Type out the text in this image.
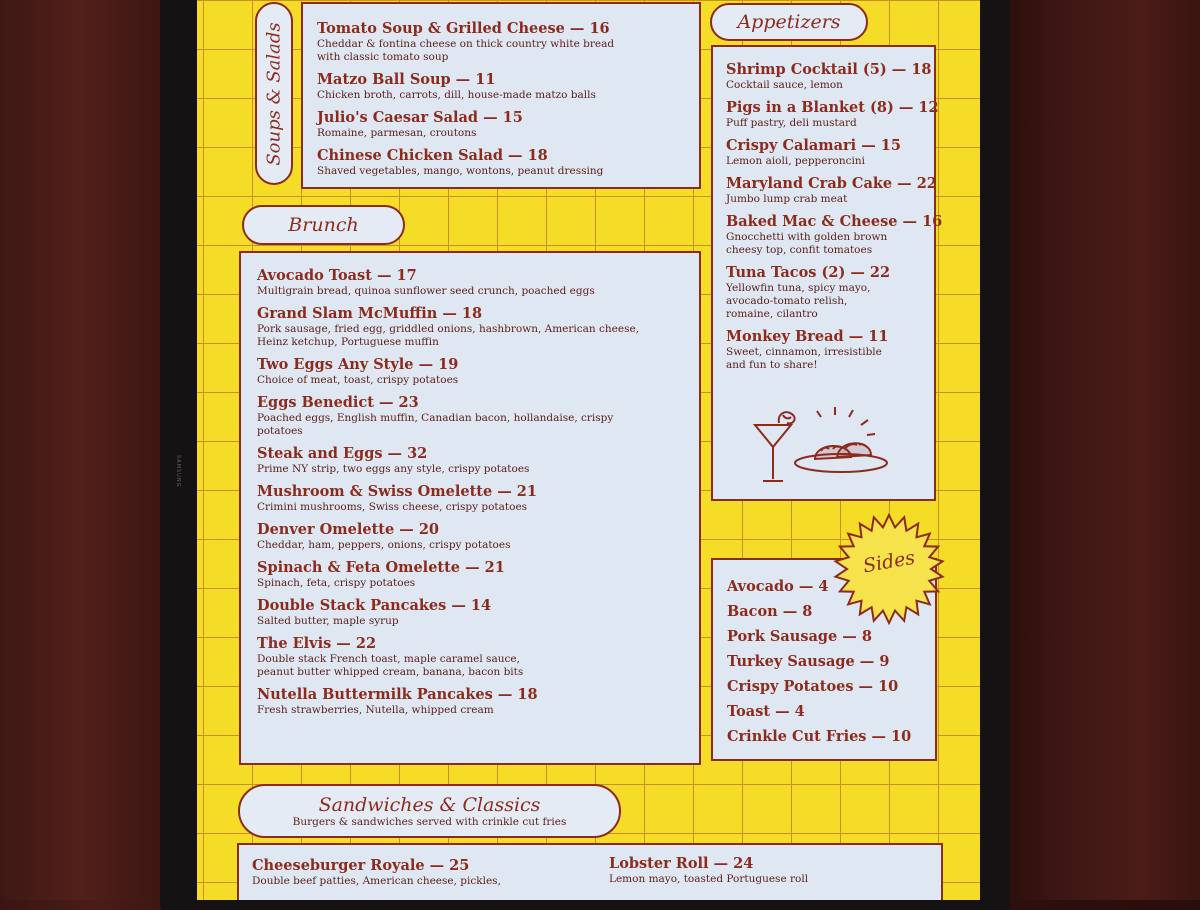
SAMSUNG
Soups & Salads Tomato Soup & Grilled Cheese — 16
Cheddar & fontina cheese on thick country white bread with classic tomato soup
Matzo Ball Soup — 11
Chicken broth, carrots, dill, house-made matzo balls
Julio's Caesar Salad — 15
Romaine, parmesan, croutons
Chinese Chicken Salad — 18
Shaved vegetables, mango, wontons, peanut dressing
Brunch
Avocado Toast — 17
Multigrain bread, quinoa sunflower seed crunch, poached eggs
Grand Slam McMuffin — 18
Pork sausage, fried egg, griddled onions, hashbrown, American cheese, Heinz ketchup, Portuguese muffin
Two Eggs Any Style — 19
Choice of meat, toast, crispy potatoes
Eggs Benedict — 23
Poached eggs, English muffin, Canadian bacon, hollandaise, crispy potatoes
Steak and Eggs — 32
Prime NY strip, two eggs any style, crispy potatoes
Mushroom & Swiss Omelette — 21
Crimini mushrooms, Swiss cheese, crispy potatoes
Denver Omelette — 20
Cheddar, ham, peppers, onions, crispy potatoes
Spinach & Feta Omelette — 21
Spinach, feta, crispy potatoes
Double Stack Pancakes — 14
Salted butter, maple syrup
The Elvis — 22
Double stack French toast, maple caramel sauce, peanut butter whipped cream, banana, bacon bits
Nutella Buttermilk Pancakes — 18
Fresh strawberries, Nutella, whipped cream
Appetizers
Shrimp Cocktail (5) — 18
Cocktail sauce, lemon
Pigs in a Blanket (8) — 12
Puff pastry, deli mustard
Crispy Calamari — 15
Lemon aioli, pepperoncini
Maryland Crab Cake — 22
Jumbo lump crab meat
Baked Mac & Cheese — 16
Gnocchetti with golden brown cheesy top, confit tomatoes
Tuna Tacos (2) — 22
Yellowfin tuna, spicy mayo, avocado-tomato relish, romaine, cilantro
Monkey Bread — 11
Sweet, cinnamon, irresistible and fun to share!
Avocado — 4
Bacon — 8
Pork Sausage — 8
Turkey Sausage — 9
Crispy Potatoes — 10
Toast — 4
Crinkle Cut Fries — 10
Sides
Sandwiches & Classics
Burgers & sandwiches served with crinkle cut fries
Cheeseburger Royale — 25
Double beef patties, American cheese, pickles,
Lobster Roll — 24
Lemon mayo, toasted Portuguese roll
